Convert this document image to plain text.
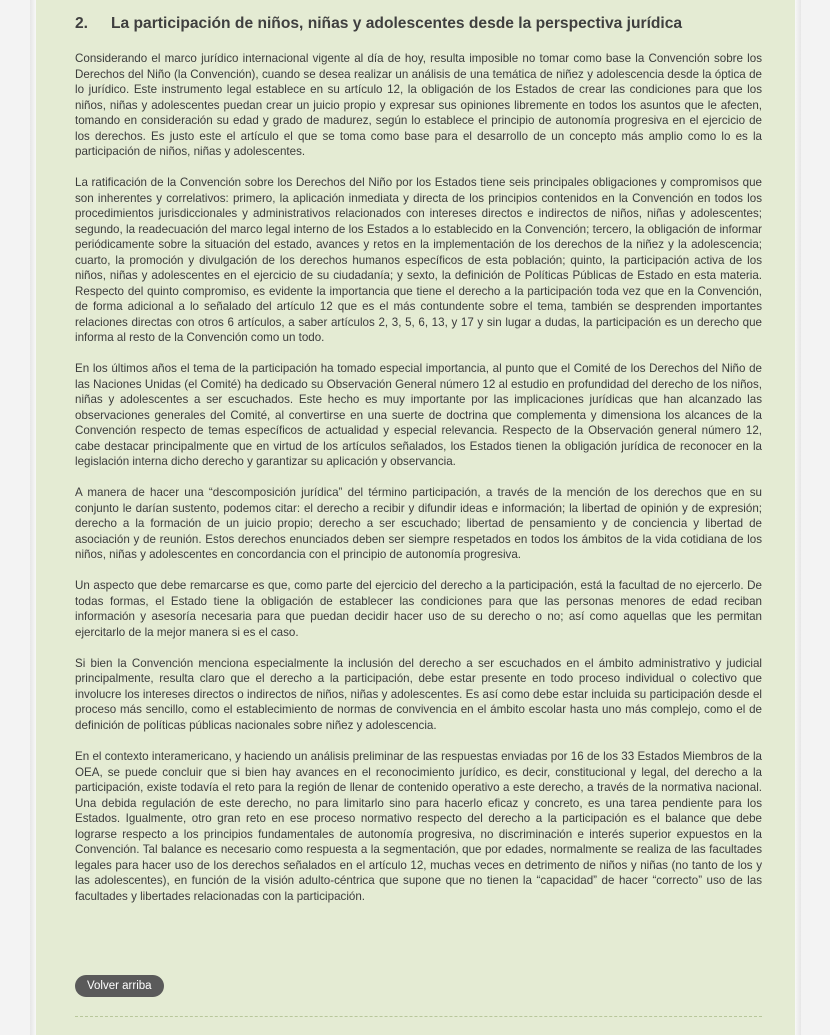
2. La participación de niños, niñas y adolescentes desde la perspectiva jurídica

Considerando el marco jurídico internacional vigente al día de hoy, resulta imposible no tomar como base la Convención sobre los Derechos del Niño (la Convención), cuando se desea realizar un análisis de una temática de niñez y adolescencia desde la óptica de lo jurídico. Este instrumento legal establece en su artículo 12, la obligación de los Estados de crear las condiciones para que los niños, niñas y adolescentes puedan crear un juicio propio y expresar sus opiniones libremente en todos los asuntos que le afecten, tomando en consideración su edad y grado de madurez, según lo establece el principio de autonomía progresiva en el ejercicio de los derechos. Es justo este el artículo el que se toma como base para el desarrollo de un concepto más amplio como lo es la participación de niños, niñas y adolescentes.

La ratificación de la Convención sobre los Derechos del Niño por los Estados tiene seis principales obligaciones y compromisos que son inherentes y correlativos: primero, la aplicación inmediata y directa de los principios contenidos en la Convención en todos los procedimientos jurisdiccionales y administrativos relacionados con intereses directos e indirectos de niños, niñas y adolescentes; segundo, la readecuación del marco legal interno de los Estados a lo establecido en la Convención; tercero, la obligación de informar periódicamente sobre la situación del estado, avances y retos en la implementación de los derechos de la niñez y la adolescencia; cuarto, la promoción y divulgación de los derechos humanos específicos de esta población; quinto, la participación activa de los niños, niñas y adolescentes en el ejercicio de su ciudadanía; y sexto, la definición de Políticas Públicas de Estado en esta materia. Respecto del quinto compromiso, es evidente la importancia que tiene el derecho a la participación toda vez que en la Convención, de forma adicional a lo señalado del artículo 12 que es el más contundente sobre el tema, también se desprenden importantes relaciones directas con otros 6 artículos, a saber artículos 2, 3, 5, 6, 13, y 17 y sin lugar a dudas, la participación es un derecho que informa al resto de la Convención como un todo.

En los últimos años el tema de la participación ha tomado especial importancia, al punto que el Comité de los Derechos del Niño de las Naciones Unidas (el Comité) ha dedicado su Observación General número 12 al estudio en profundidad del derecho de los niños, niñas y adolescentes a ser escuchados. Este hecho es muy importante por las implicaciones jurídicas que han alcanzado las observaciones generales del Comité, al convertirse en una suerte de doctrina que complementa y dimensiona los alcances de la Convención respecto de temas específicos de actualidad y especial relevancia. Respecto de la Observación general número 12, cabe destacar principalmente que en virtud de los artículos señalados, los Estados tienen la obligación jurídica de reconocer en la legislación interna dicho derecho y garantizar su aplicación y observancia.

A manera de hacer una “descomposición jurídica” del término participación, a través de la mención de los derechos que en su conjunto le darían sustento, podemos citar: el derecho a recibir y difundir ideas e información; la libertad de opinión y de expresión; derecho a la formación de un juicio propio; derecho a ser escuchado; libertad de pensamiento y de conciencia y libertad de asociación y de reunión. Estos derechos enunciados deben ser siempre respetados en todos los ámbitos de la vida cotidiana de los niños, niñas y adolescentes en concordancia con el principio de autonomía progresiva.

Un aspecto que debe remarcarse es que, como parte del ejercicio del derecho a la participación, está la facultad de no ejercerlo. De todas formas, el Estado tiene la obligación de establecer las condiciones para que las personas menores de edad reciban información y asesoría necesaria para que puedan decidir hacer uso de su derecho o no; así como aquellas que les permitan ejercitarlo de la mejor manera si es el caso.

Si bien la Convención menciona especialmente la inclusión del derecho a ser escuchados en el ámbito administrativo y judicial principalmente, resulta claro que el derecho a la participación, debe estar presente en todo proceso individual o colectivo que involucre los intereses directos o indirectos de niños, niñas y adolescentes. Es así como debe estar incluida su participación desde el proceso más sencillo, como el establecimiento de normas de convivencia en el ámbito escolar hasta uno más complejo, como el de definición de políticas públicas nacionales sobre niñez y adolescencia.

En el contexto interamericano, y haciendo un análisis preliminar de las respuestas enviadas por 16 de los 33 Estados Miembros de la OEA, se puede concluir que si bien hay avances en el reconocimiento jurídico, es decir, constitucional y legal, del derecho a la participación, existe todavía el reto para la región de llenar de contenido operativo a este derecho, a través de la normativa nacional. Una debida regulación de este derecho, no para limitarlo sino para hacerlo eficaz y concreto, es una tarea pendiente para los Estados. Igualmente, otro gran reto en ese proceso normativo respecto del derecho a la participación es el balance que debe lograrse respecto a los principios fundamentales de autonomía progresiva, no discriminación e interés superior expuestos en la Convención. Tal balance es necesario como respuesta a la segmentación, que por edades, normalmente se realiza de las facultades legales para hacer uso de los derechos señalados en el artículo 12, muchas veces en detrimento de niños y niñas (no tanto de los y las adolescentes), en función de la visión adulto-céntrica que supone que no tienen la “capacidad” de hacer “correcto” uso de las facultades y libertades relacionadas con la participación.

Volver arriba
